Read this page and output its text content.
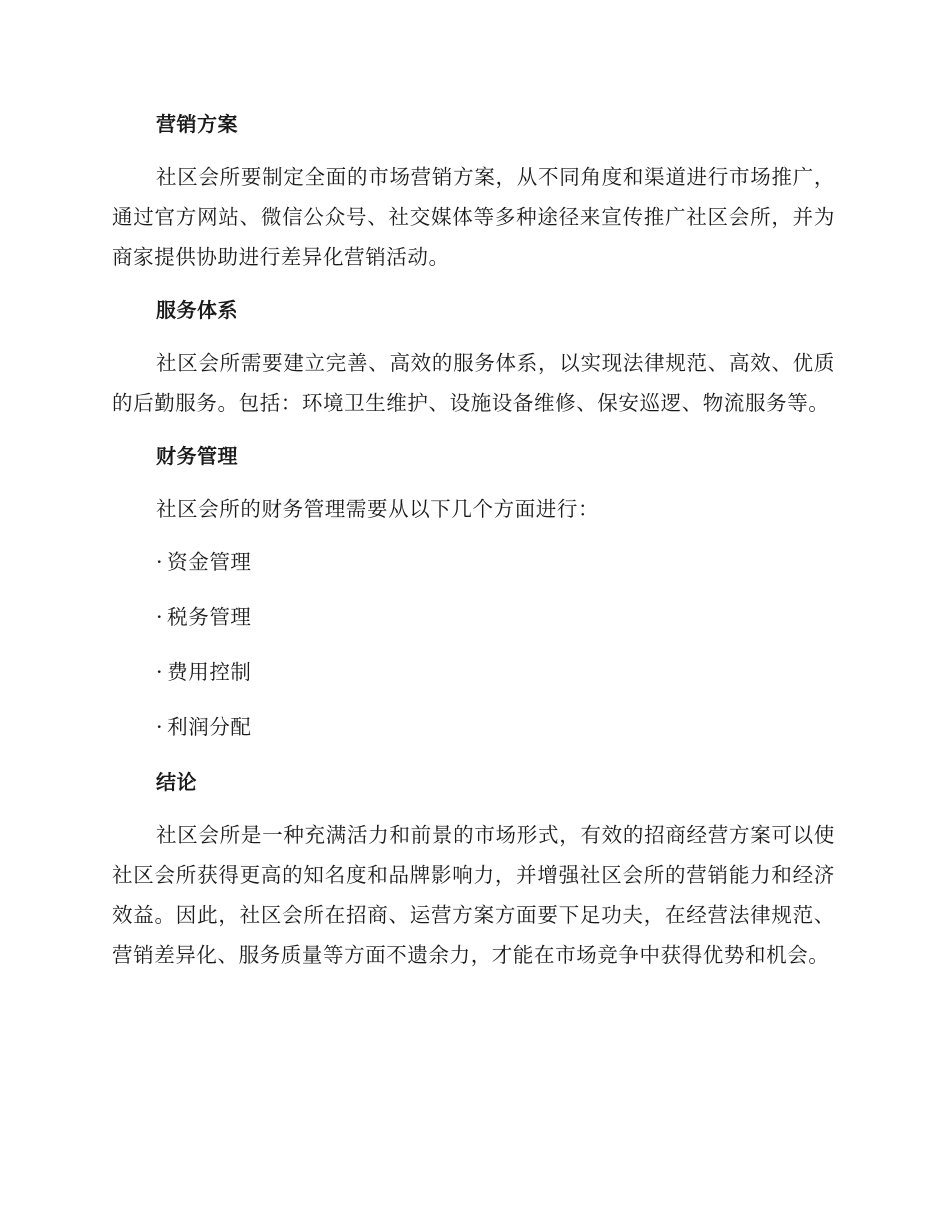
营销方案

社区会所要制定全面的市场营销方案，从不同角度和渠道进行市场推广，通过官方网站、微信公众号、社交媒体等多种途径来宣传推广社区会所，并为商家提供协助进行差异化营销活动。

服务体系

社区会所需要建立完善、高效的服务体系，以实现法律规范、高效、优质的后勤服务。包括：环境卫生维护、设施设备维修、保安巡逻、物流服务等。

财务管理

社区会所的财务管理需要从以下几个方面进行：

· 资金管理
· 税务管理
· 费用控制
· 利润分配
结论

社区会所是一种充满活力和前景的市场形式，有效的招商经营方案可以使社区会所获得更高的知名度和品牌影响力，并增强社区会所的营销能力和经济效益。因此，社区会所在招商、运营方案方面要下足功夫，在经营法律规范、营销差异化、服务质量等方面不遗余力，才能在市场竞争中获得优势和机会。
